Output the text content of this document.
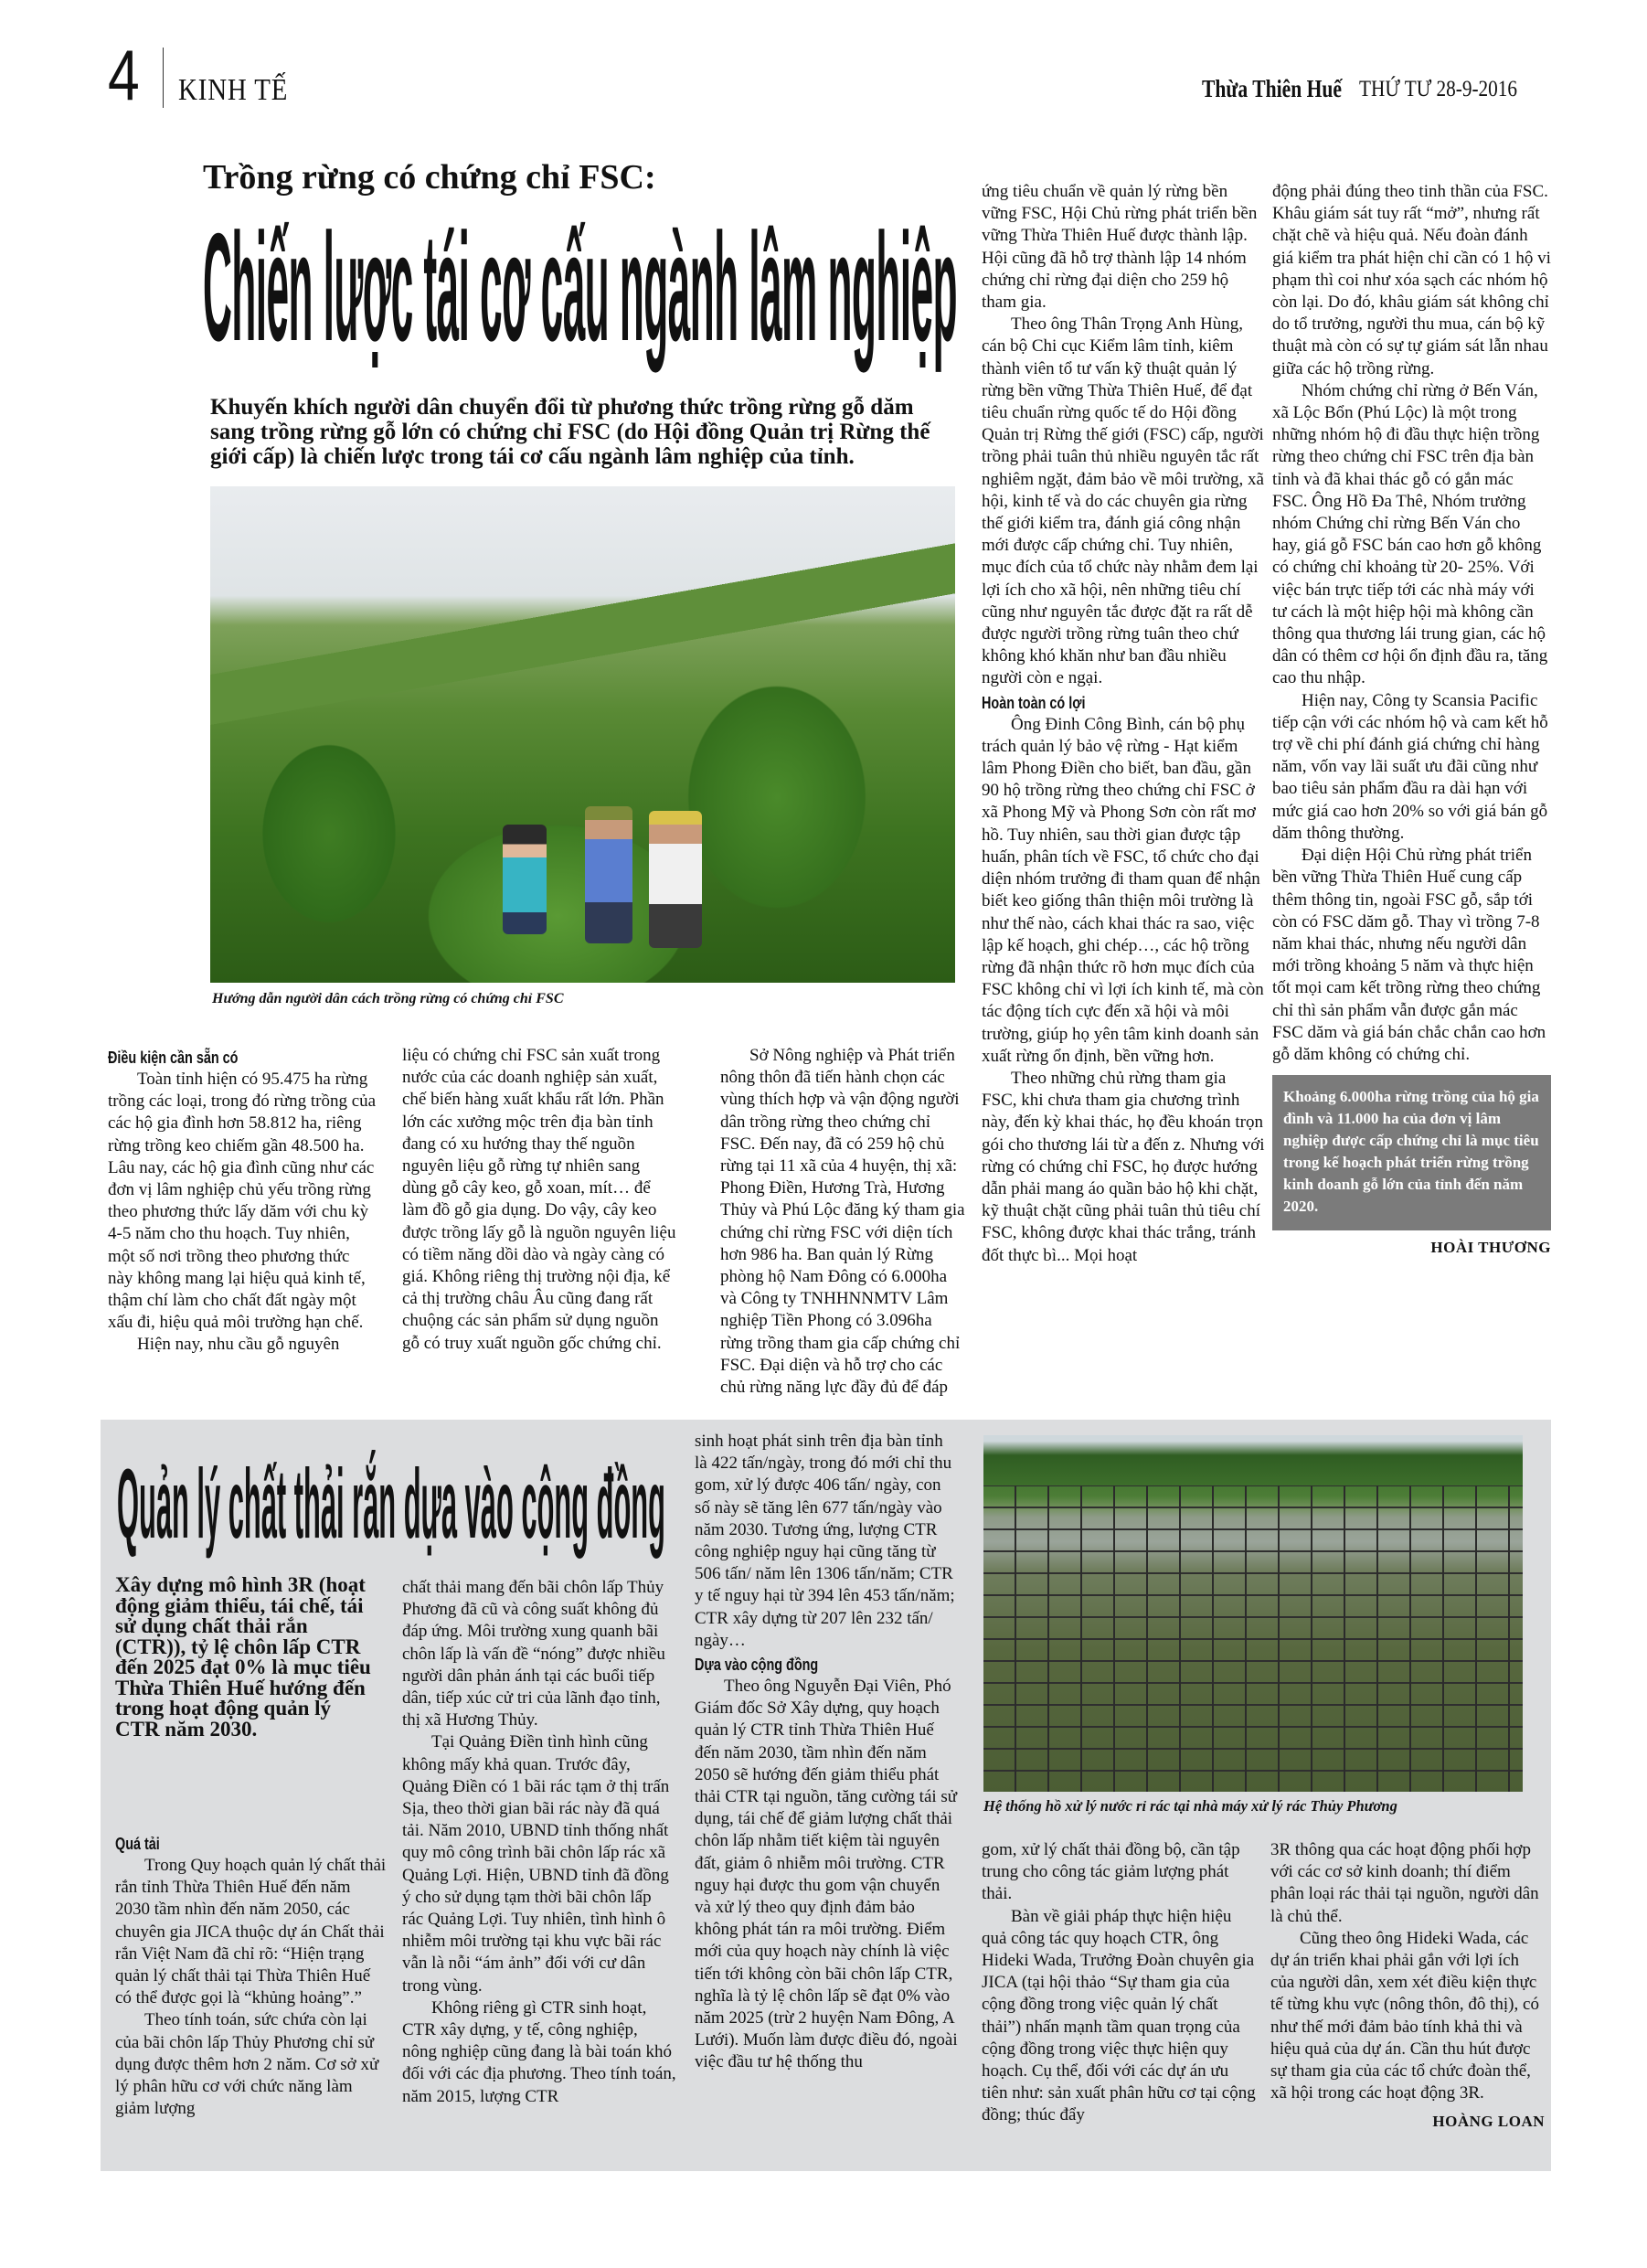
4 KINH TẾ	Thừa Thiên Huế THỨ TƯ 28-9-2016
Trồng rừng có chứng chỉ FSC:
Chiến lược tái cơ cấu ngành lâm nghiệp
Khuyến khích người dân chuyển đổi từ phương thức trồng rừng gỗ dăm sang trồng rừng gỗ lớn có chứng chỉ FSC (do Hội đồng Quản trị Rừng thế giới cấp) là chiến lược trong tái cơ cấu ngành lâm nghiệp của tỉnh.
Hướng dẫn người dân cách trồng rừng có chứng chỉ FSC
Điều kiện cần sẵn có

Toàn tỉnh hiện có 95.475 ha rừng trồng các loại, trong đó rừng trồng của các hộ gia đình hơn 58.812 ha, riêng rừng trồng keo chiếm gần 48.500 ha. Lâu nay, các hộ gia đình cũng như các đơn vị lâm nghiệp chủ yếu trồng rừng theo phương thức lấy dăm với chu kỳ 4-5 năm cho thu hoạch. Tuy nhiên, một số nơi trồng theo phương thức này không mang lại hiệu quả kinh tế, thậm chí làm cho chất đất ngày một xấu đi, hiệu quả môi trường hạn chế.

Hiện nay, nhu cầu gỗ nguyên

liệu có chứng chỉ FSC sản xuất trong nước của các doanh nghiệp sản xuất, chế biến hàng xuất khẩu rất lớn. Phần lớn các xưởng mộc trên địa bàn tỉnh đang có xu hướng thay thế nguồn nguyên liệu gỗ rừng tự nhiên sang dùng gỗ cây keo, gỗ xoan, mít… để làm đồ gỗ gia dụng. Do vậy, cây keo được trồng lấy gỗ là nguồn nguyên liệu có tiềm năng dồi dào và ngày càng có giá. Không riêng thị trường nội địa, kể cả thị trường châu Âu cũng đang rất chuộng các sản phẩm sử dụng nguồn gỗ có truy xuất nguồn gốc chứng chỉ.

Sở Nông nghiệp và Phát triển nông thôn đã tiến hành chọn các vùng thích hợp và vận động người dân trồng rừng theo chứng chỉ FSC. Đến nay, đã có 259 hộ chủ rừng tại 11 xã của 4 huyện, thị xã: Phong Điền, Hương Trà, Hương Thủy và Phú Lộc đăng ký tham gia chứng chỉ rừng FSC với diện tích hơn 986 ha. Ban quản lý Rừng phòng hộ Nam Đông có 6.000ha và Công ty TNHHNNMTV Lâm nghiệp Tiền Phong có 3.096ha rừng trồng tham gia cấp chứng chỉ FSC. Đại diện và hỗ trợ cho các chủ rừng năng lực đầy đủ để đáp

ứng tiêu chuẩn về quản lý rừng bền vững FSC, Hội Chủ rừng phát triển bền vững Thừa Thiên Huế được thành lập. Hội cũng đã hỗ trợ thành lập 14 nhóm chứng chỉ rừng đại diện cho 259 hộ tham gia.

Theo ông Thân Trọng Anh Hùng, cán bộ Chi cục Kiểm lâm tỉnh, kiêm thành viên tổ tư vấn kỹ thuật quản lý rừng bền vững Thừa Thiên Huế, để đạt tiêu chuẩn rừng quốc tế do Hội đồng Quản trị Rừng thế giới (FSC) cấp, người trồng phải tuân thủ nhiều nguyên tắc rất nghiêm ngặt, đảm bảo về môi trường, xã hội, kinh tế và do các chuyên gia rừng thế giới kiểm tra, đánh giá công nhận mới được cấp chứng chỉ. Tuy nhiên, mục đích của tổ chức này nhằm đem lại lợi ích cho xã hội, nên những tiêu chí cũng như nguyên tắc được đặt ra rất dễ được người trồng rừng tuân theo chứ không khó khăn như ban đầu nhiều người còn e ngại.

Hoàn toàn có lợi

Ông Đinh Công Bình, cán bộ phụ trách quản lý bảo vệ rừng - Hạt kiểm lâm Phong Điền cho biết, ban đầu, gần 90 hộ trồng rừng theo chứng chỉ FSC ở xã Phong Mỹ và Phong Sơn còn rất mơ hồ. Tuy nhiên, sau thời gian được tập huấn, phân tích về FSC, tổ chức cho đại diện nhóm trưởng đi tham quan để nhận biết keo giống thân thiện môi trường là như thế nào, cách khai thác ra sao, việc lập kế hoạch, ghi chép…, các hộ trồng rừng đã nhận thức rõ hơn mục đích của FSC không chỉ vì lợi ích kinh tế, mà còn tác động tích cực đến xã hội và môi trường, giúp họ yên tâm kinh doanh sản xuất rừng ổn định, bền vững hơn.

Theo những chủ rừng tham gia FSC, khi chưa tham gia chương trình này, đến kỳ khai thác, họ đều khoán trọn gói cho thương lái từ a đến z. Nhưng với rừng có chứng chỉ FSC, họ được hướng dẫn phải mang áo quần bảo hộ khi chặt, kỹ thuật chặt cũng phải tuân thủ tiêu chí FSC, không được khai thác trắng, tránh đốt thực bì... Mọi hoạt

động phải đúng theo tinh thần của FSC. Khâu giám sát tuy rất “mở”, nhưng rất chặt chẽ và hiệu quả. Nếu đoàn đánh giá kiểm tra phát hiện chỉ cần có 1 hộ vi phạm thì coi như xóa sạch các nhóm hộ còn lại. Do đó, khâu giám sát không chỉ do tổ trưởng, người thu mua, cán bộ kỹ thuật mà còn có sự tự giám sát lẫn nhau giữa các hộ trồng rừng.

Nhóm chứng chỉ rừng ở Bến Ván, xã Lộc Bổn (Phú Lộc) là một trong những nhóm hộ đi đầu thực hiện trồng rừng theo chứng chỉ FSC trên địa bàn tỉnh và đã khai thác gỗ có gắn mác FSC. Ông Hồ Đa Thê, Nhóm trưởng nhóm Chứng chỉ rừng Bến Ván cho hay, giá gỗ FSC bán cao hơn gỗ không có chứng chỉ khoảng từ 20- 25%. Với việc bán trực tiếp tới các nhà máy với tư cách là một hiệp hội mà không cần thông qua thương lái trung gian, các hộ dân có thêm cơ hội ổn định đầu ra, tăng cao thu nhập.

Hiện nay, Công ty Scansia Pacific tiếp cận với các nhóm hộ và cam kết hỗ trợ về chi phí đánh giá chứng chỉ hàng năm, vốn vay lãi suất ưu đãi cũng như bao tiêu sản phẩm đầu ra dài hạn với mức giá cao hơn 20% so với giá bán gỗ dăm thông thường.

Đại diện Hội Chủ rừng phát triển bền vững Thừa Thiên Huế cung cấp thêm thông tin, ngoài FSC gỗ, sắp tới còn có FSC dăm gỗ. Thay vì trồng 7-8 năm khai thác, nhưng nếu người dân mới trồng khoảng 5 năm và thực hiện tốt mọi cam kết trồng rừng theo chứng chỉ thì sản phẩm vẫn được gắn mác FSC dăm và giá bán chắc chắn cao hơn gỗ dăm không có chứng chỉ.

Khoảng 6.000ha rừng trồng của hộ gia đình và 11.000 ha của đơn vị lâm nghiệp được cấp chứng chỉ là mục tiêu trong kế hoạch phát triển rừng trồng kinh doanh gỗ lớn của tỉnh đến năm 2020.
HOÀI THƯƠNG
Quản lý chất thải rắn dựa vào cộng đồng
Xây dựng mô hình 3R (hoạt động giảm thiểu, tái chế, tái sử dụng chất thải rắn (CTR)), tỷ lệ chôn lấp CTR đến 2025 đạt 0% là mục tiêu Thừa Thiên Huế hướng đến trong hoạt động quản lý CTR năm 2030.
Hệ thống hồ xử lý nước rỉ rác tại nhà máy xử lý rác Thủy Phương
Quá tải

Trong Quy hoạch quản lý chất thải rắn tỉnh Thừa Thiên Huế đến năm 2030 tầm nhìn đến năm 2050, các chuyên gia JICA thuộc dự án Chất thải rắn Việt Nam đã chỉ rõ: “Hiện trạng quản lý chất thải tại Thừa Thiên Huế có thể được gọi là “khủng hoảng”.”

Theo tính toán, sức chứa còn lại của bãi chôn lấp Thủy Phương chỉ sử dụng được thêm hơn 2 năm. Cơ sở xử lý phân hữu cơ với chức năng làm giảm lượng

chất thải mang đến bãi chôn lấp Thủy Phương đã cũ và công suất không đủ đáp ứng. Môi trường xung quanh bãi chôn lấp là vấn đề “nóng” được nhiều người dân phản ánh tại các buổi tiếp dân, tiếp xúc cử tri của lãnh đạo tỉnh, thị xã Hương Thủy.

Tại Quảng Điền tình hình cũng không mấy khả quan. Trước đây, Quảng Điền có 1 bãi rác tạm ở thị trấn Sịa, theo thời gian bãi rác này đã quá tải. Năm 2010, UBND tỉnh thống nhất quy mô công trình bãi chôn lấp rác xã Quảng Lợi. Hiện, UBND tỉnh đã đồng ý cho sử dụng tạm thời bãi chôn lấp rác Quảng Lợi. Tuy nhiên, tình hình ô nhiễm môi trường tại khu vực bãi rác vẫn là nỗi “ám ảnh” đối với cư dân trong vùng.

Không riêng gì CTR sinh hoạt, CTR xây dựng, y tế, công nghiệp, nông nghiệp cũng đang là bài toán khó đối với các địa phương. Theo tính toán, năm 2015, lượng CTR

sinh hoạt phát sinh trên địa bàn tỉnh là 422 tấn/ngày, trong đó mới chỉ thu gom, xử lý được 406 tấn/ ngày, con số này sẽ tăng lên 677 tấn/ngày vào năm 2030. Tương ứng, lượng CTR công nghiệp nguy hại cũng tăng từ 506 tấn/ năm lên 1306 tấn/năm; CTR y tế nguy hại từ 394 lên 453 tấn/năm; CTR xây dựng từ 207 lên 232 tấn/ ngày…

Dựa vào cộng đồng

Theo ông Nguyễn Đại Viên, Phó Giám đốc Sở Xây dựng, quy hoạch quản lý CTR tỉnh Thừa Thiên Huế đến năm 2030, tầm nhìn đến năm 2050 sẽ hướng đến giảm thiểu phát thải CTR tại nguồn, tăng cường tái sử dụng, tái chế để giảm lượng chất thải chôn lấp nhằm tiết kiệm tài nguyên đất, giảm ô nhiễm môi trường. CTR nguy hại được thu gom vận chuyển và xử lý theo quy định đảm bảo không phát tán ra môi trường. Điểm mới của quy hoạch này chính là việc tiến tới không còn bãi chôn lấp CTR, nghĩa là tỷ lệ chôn lấp sẽ đạt 0% vào năm 2025 (trừ 2 huyện Nam Đông, A Lưới). Muốn làm được điều đó, ngoài việc đầu tư hệ thống thu

gom, xử lý chất thải đồng bộ, cần tập trung cho công tác giảm lượng phát thải.

Bàn về giải pháp thực hiện hiệu quả công tác quy hoạch CTR, ông Hideki Wada, Trưởng Đoàn chuyên gia JICA (tại hội thảo “Sự tham gia của cộng đồng trong việc quản lý chất thải”) nhấn mạnh tầm quan trọng của cộng đồng trong việc thực hiện quy hoạch. Cụ thể, đối với các dự án ưu tiên như: sản xuất phân hữu cơ tại cộng đồng; thúc đẩy

3R thông qua các hoạt động phối hợp với các cơ sở kinh doanh; thí điểm phân loại rác thải tại nguồn, người dân là chủ thể.

Cũng theo ông Hideki Wada, các dự án triển khai phải gắn với lợi ích của người dân, xem xét điều kiện thực tế từng khu vực (nông thôn, đô thị), có như thế mới đảm bảo tính khả thi và hiệu quả của dự án. Cần thu hút được sự tham gia của các tổ chức đoàn thể, xã hội trong các hoạt động 3R.

HOÀNG LOAN
